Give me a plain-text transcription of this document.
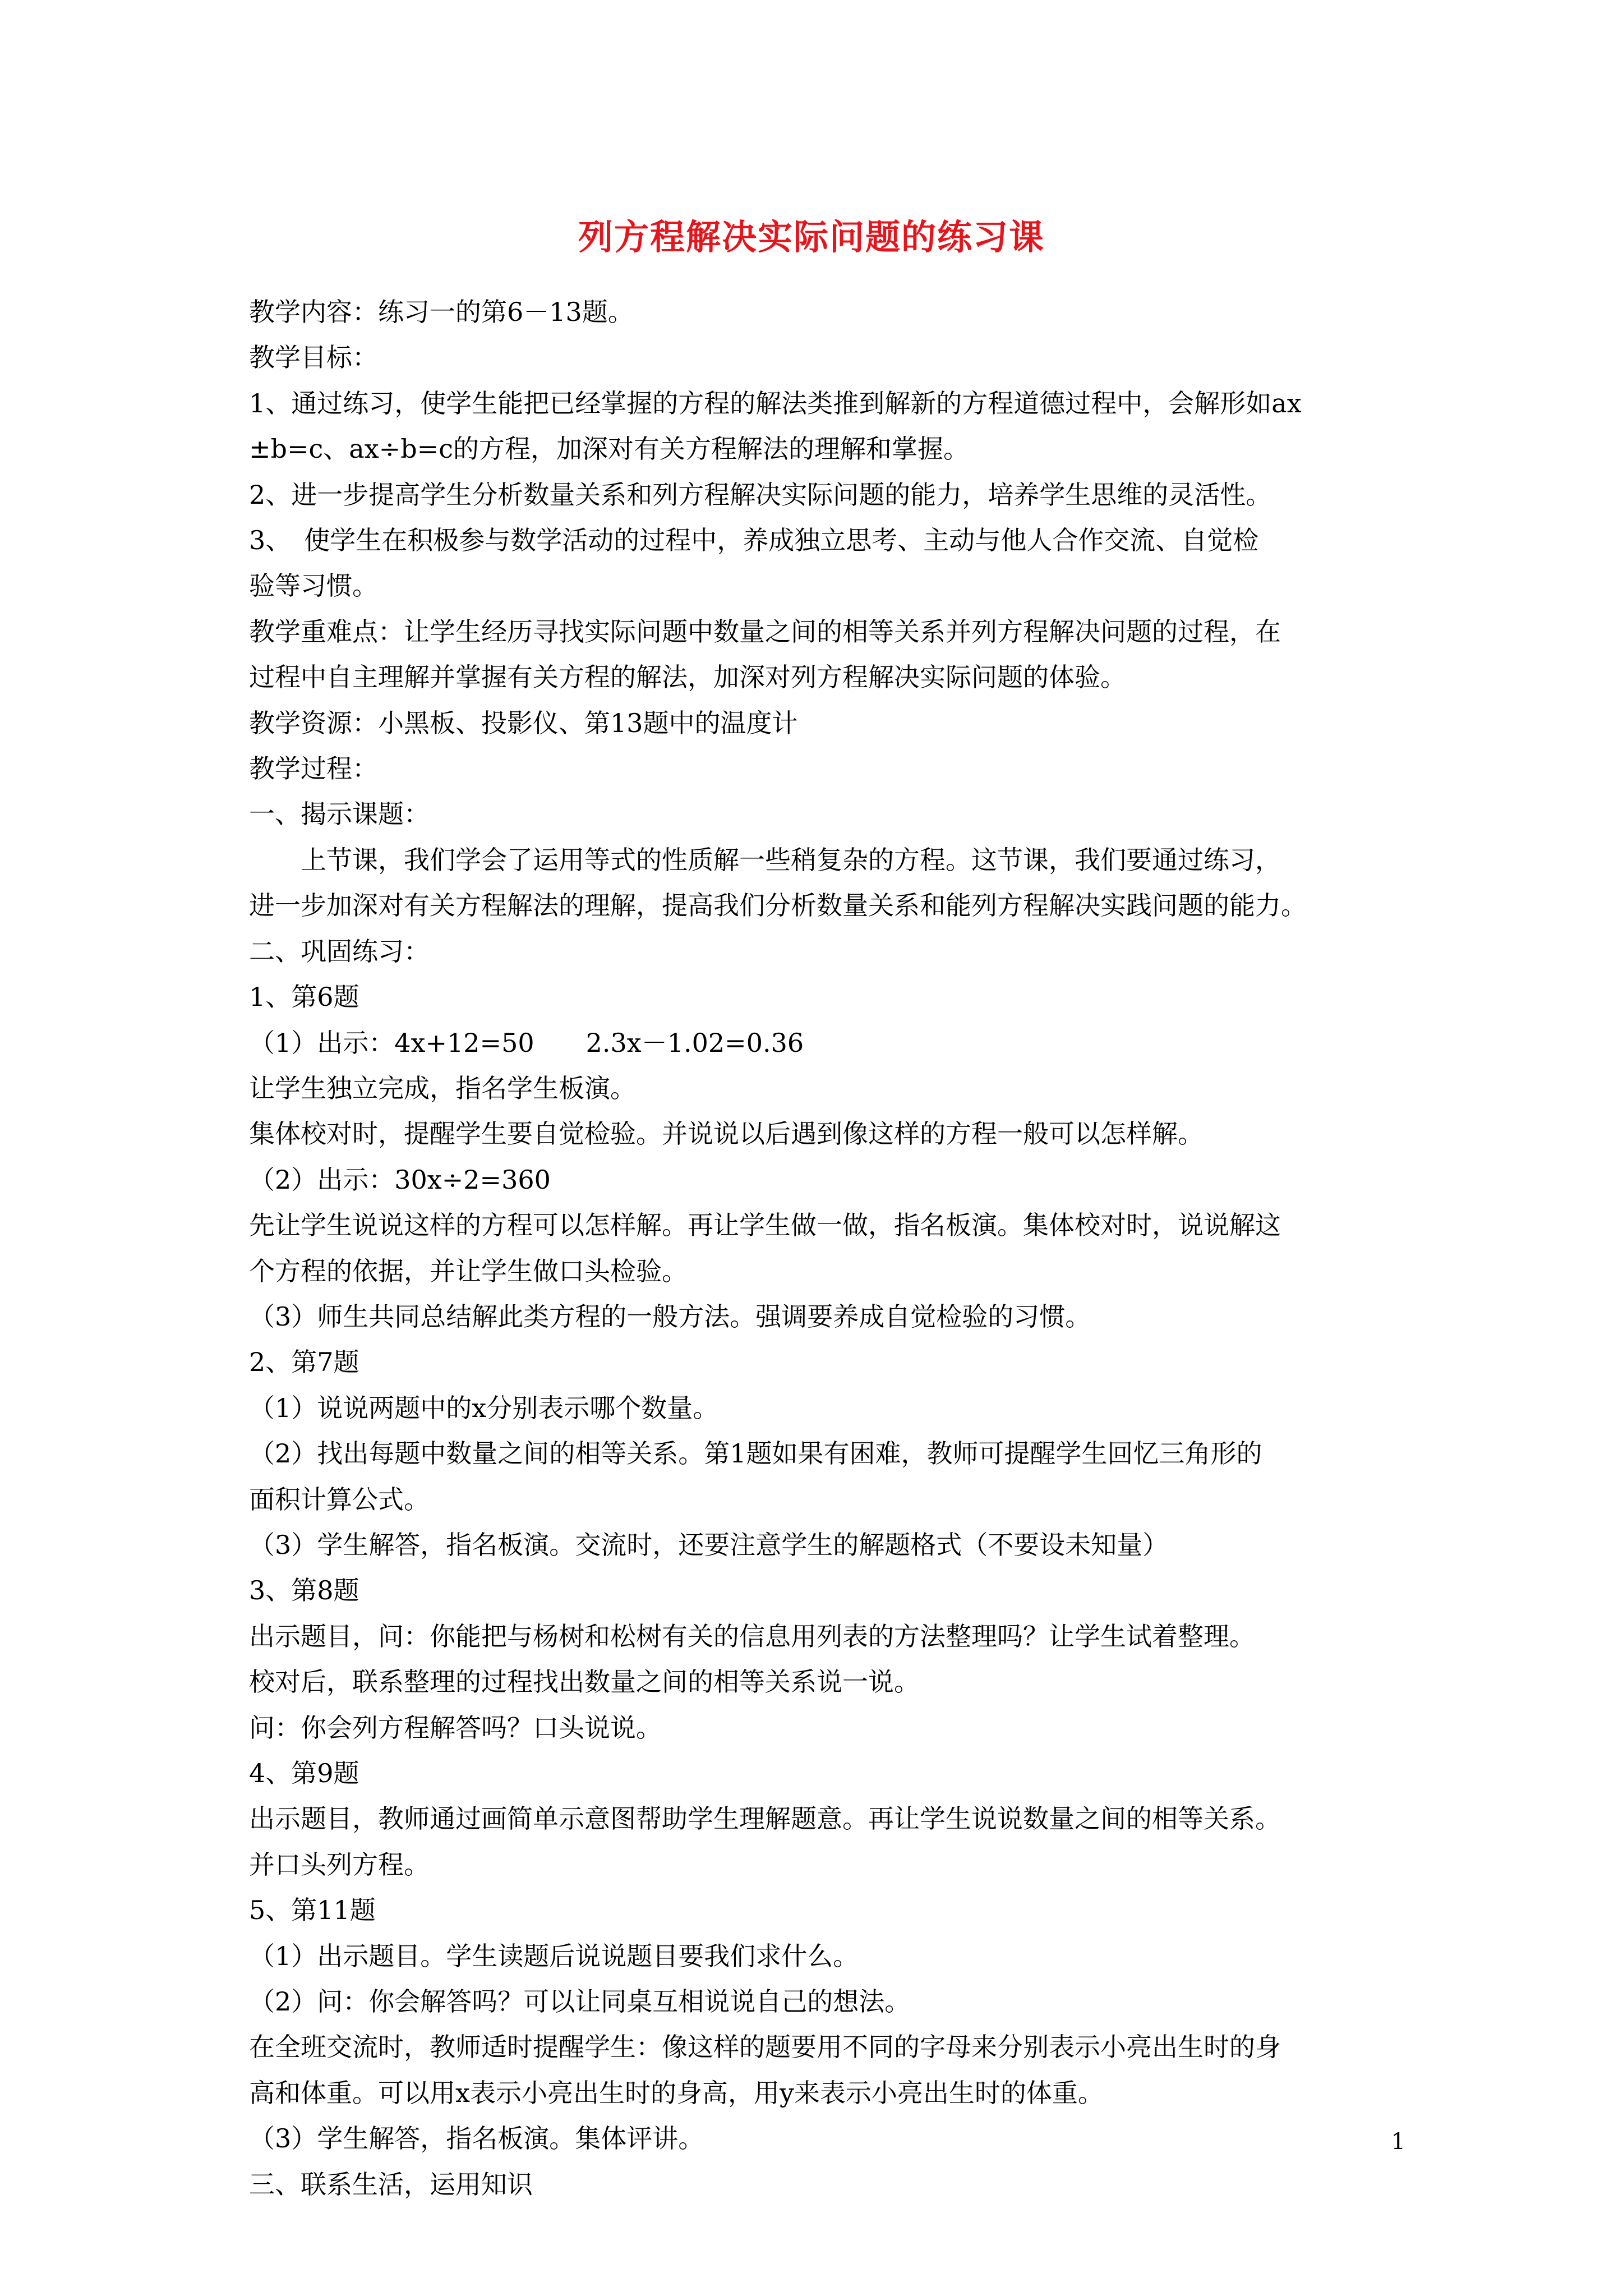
列方程解决实际问题的练习课

教学内容：练习一的第6－13题。

教学目标：

1、通过练习，使学生能把已经掌握的方程的解法类推到解新的方程道德过程中，会解形如ax

±b=c、ax÷b=c的方程，加深对有关方程解法的理解和掌握。

2、进一步提高学生分析数量关系和列方程解决实际问题的能力，培养学生思维的灵活性。

3、　使学生在积极参与数学活动的过程中，养成独立思考、主动与他人合作交流、自觉检

验等习惯。

教学重难点：让学生经历寻找实际问题中数量之间的相等关系并列方程解决问题的过程，在

过程中自主理解并掌握有关方程的解法，加深对列方程解决实际问题的体验。

教学资源：小黑板、投影仪、第13题中的温度计

教学过程：

一、揭示课题：

　　上节课，我们学会了运用等式的性质解一些稍复杂的方程。这节课，我们要通过练习，

进一步加深对有关方程解法的理解，提高我们分析数量关系和能列方程解决实践问题的能力。

二、巩固练习：

1、第6题

（1）出示：4x+12=50　　2.3x－1.02=0.36

让学生独立完成，指名学生板演。

集体校对时，提醒学生要自觉检验。并说说以后遇到像这样的方程一般可以怎样解。

（2）出示：30x÷2=360

先让学生说说这样的方程可以怎样解。再让学生做一做，指名板演。集体校对时，说说解这

个方程的依据，并让学生做口头检验。

（3）师生共同总结解此类方程的一般方法。强调要养成自觉检验的习惯。

2、第7题

（1）说说两题中的x分别表示哪个数量。

（2）找出每题中数量之间的相等关系。第1题如果有困难，教师可提醒学生回忆三角形的

面积计算公式。

（3）学生解答，指名板演。交流时，还要注意学生的解题格式（不要设未知量）

3、第8题

出示题目，问：你能把与杨树和松树有关的信息用列表的方法整理吗？让学生试着整理。

校对后，联系整理的过程找出数量之间的相等关系说一说。

问：你会列方程解答吗？口头说说。

4、第9题

出示题目，教师通过画简单示意图帮助学生理解题意。再让学生说说数量之间的相等关系。

并口头列方程。

5、第11题

（1）出示题目。学生读题后说说题目要我们求什么。

（2）问：你会解答吗？可以让同桌互相说说自己的想法。

在全班交流时，教师适时提醒学生：像这样的题要用不同的字母来分别表示小亮出生时的身

高和体重。可以用x表示小亮出生时的身高，用y来表示小亮出生时的体重。

（3）学生解答，指名板演。集体评讲。

三、联系生活，运用知识

1
